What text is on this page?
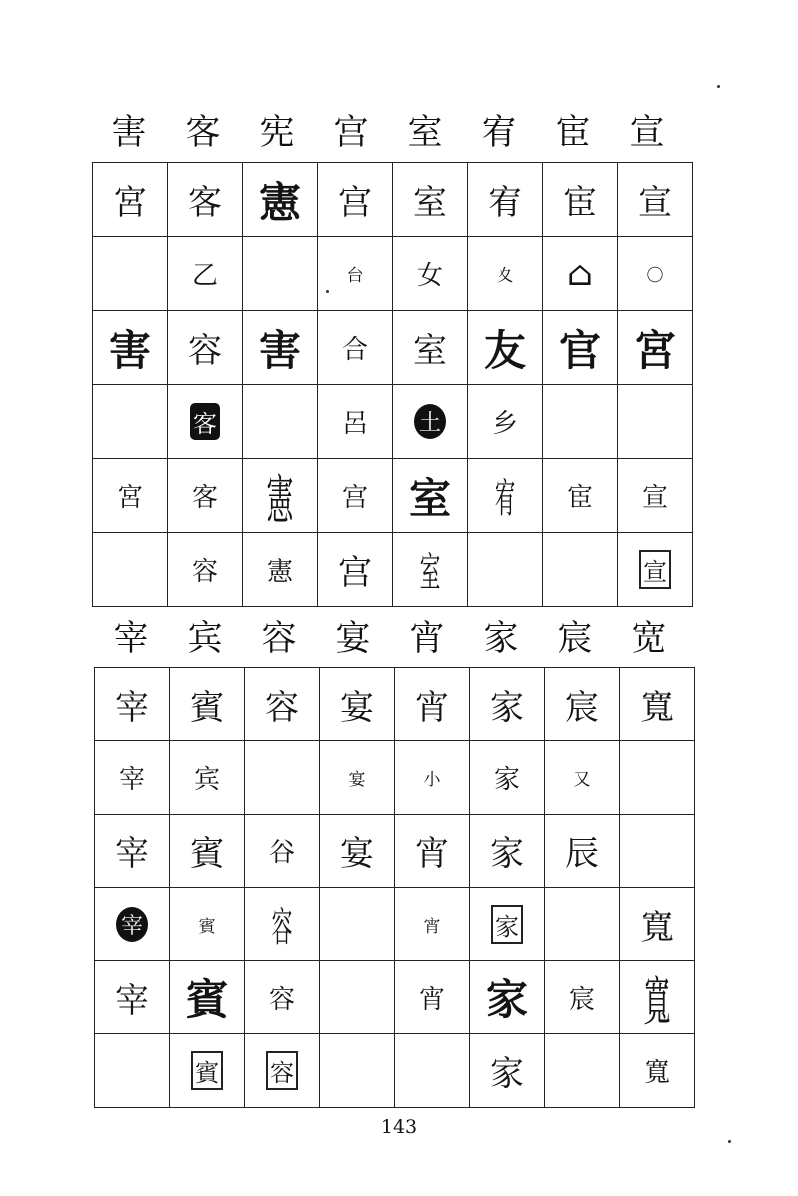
害	客	宪	宫	室	宥	宦	宣
宮	客	憲	宫	室	宥	宦	宣
	乙		台	女	夊	⌂	〇
害	容	害	合	室	友	官	宮
	客		呂	土	乡		
宮	客	憲	宫	室	宥	宦	宣
	容	憲	宫	室			宣
宰	宾	容	宴	宵	家	宸	宽
宰	賓	容	宴	宵	家	宸	寬
宰	宾		宴	小	家	又	
宰	賓	谷	宴	宵	家	辰	
宰	賓	容		宵	家		寬
宰	賓	容		宵	家	宸	寬
	賓	容			家		寬
143
